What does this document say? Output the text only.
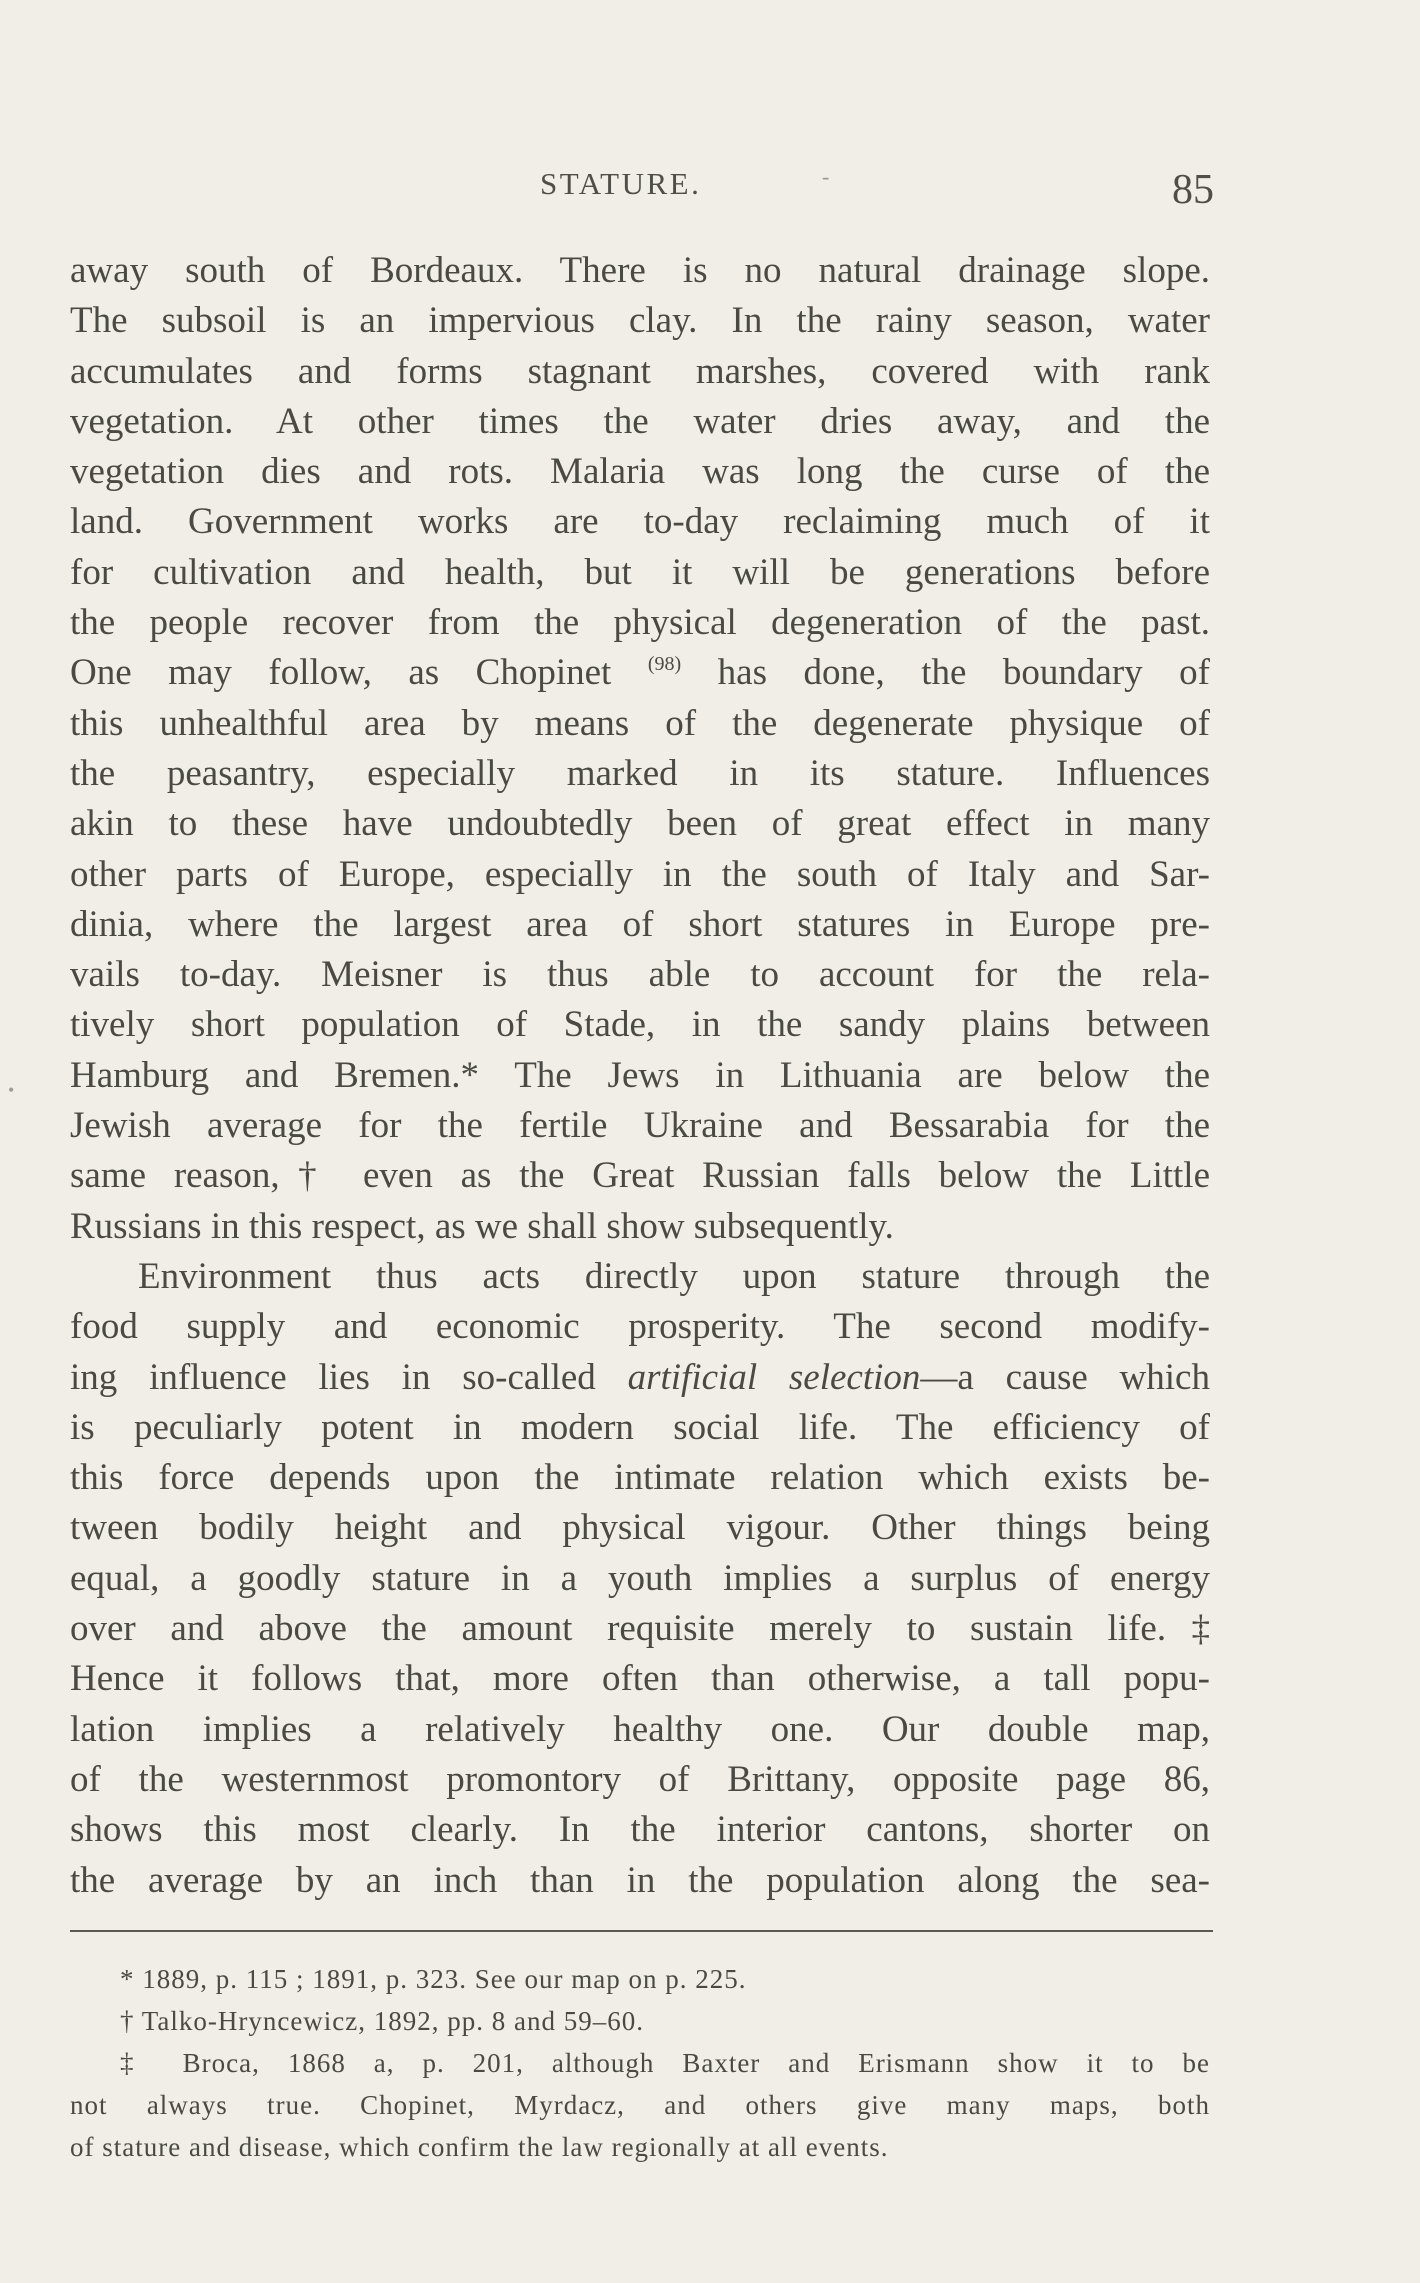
STATURE.	-	85
•
away south of Bordeaux. There is no natural drainage slope.
The subsoil is an impervious clay. In the rainy season, water
accumulates and forms stagnant marshes, covered with rank
vegetation. At other times the water dries away, and the
vegetation dies and rots. Malaria was long the curse of the
land. Government works are to-day reclaiming much of it
for cultivation and health, but it will be generations before
the people recover from the physical degeneration of the past.
One may follow, as Chopinet $^{(98)}$ has done, the boundary of
this unhealthful area by means of the degenerate physique of
the peasantry, especially marked in its stature. Influences
akin to these have undoubtedly been of great effect in many
other parts of Europe, especially in the south of Italy and Sar-
dinia, where the largest area of short statures in Europe pre-
vails to-day. Meisner is thus able to account for the rela-
tively short population of Stade, in the sandy plains between
Hamburg and Bremen.* The Jews in Lithuania are below the
Jewish average for the fertile Ukraine and Bessarabia for the
same reason,† even as the Great Russian falls below the Little
Russians in this respect, as we shall show subsequently.
Environment thus acts directly upon stature through the
food supply and economic prosperity. The second modify-
ing influence lies in so-called artificial selection—a cause which
is peculiarly potent in modern social life. The efficiency of
this force depends upon the intimate relation which exists be-
tween bodily height and physical vigour. Other things being
equal, a goodly stature in a youth implies a surplus of energy
over and above the amount requisite merely to sustain life.‡
Hence it follows that, more often than otherwise, a tall popu-
lation implies a relatively healthy one. Our double map,
of the westernmost promontory of Brittany, opposite page 86,
shows this most clearly. In the interior cantons, shorter on
the average by an inch than in the population along the sea-
* 1889, p. 115 ; 1891, p. 323. See our map on p. 225.
† Talko-Hryncewicz, 1892, pp. 8 and 59–60.
‡ Broca, 1868 a, p. 201, although Baxter and Erismann show it to be
not always true. Chopinet, Myrdacz, and others give many maps, both
of stature and disease, which confirm the law regionally at all events.
